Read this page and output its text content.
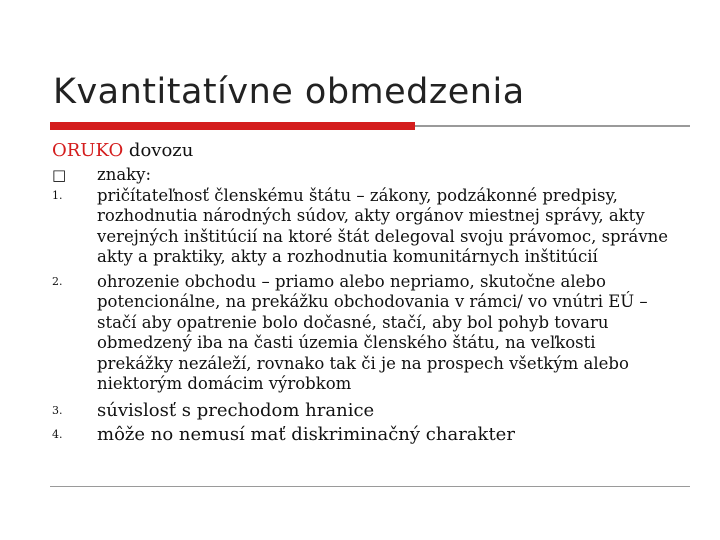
Kvantitatívne obmedzenia
ORUKO dovozu
□ znaky:
1. pričítateľnosť členskému štátu – zákony, podzákonné predpisy, rozhodnutia národných súdov, akty orgánov miestnej správy, akty verejných inštitúcií na ktoré štát delegoval svoju právomoc, správne akty a praktiky, akty a rozhodnutia komunitárnych inštitúcií
2. ohrozenie obchodu – priamo alebo nepriamo, skutočne alebo potencionálne, na prekážku obchodovania v rámci/ vo vnútri EÚ – stačí aby opatrenie bolo dočasné, stačí, aby bol pohyb tovaru obmedzený iba na časti územia členského štátu, na veľkosti prekážky nezáleží, rovnako tak či je na prospech všetkým alebo niektorým domácim výrobkom
3. súvislosť s prechodom hranice
4. môže no nemusí mať diskriminačný charakter
